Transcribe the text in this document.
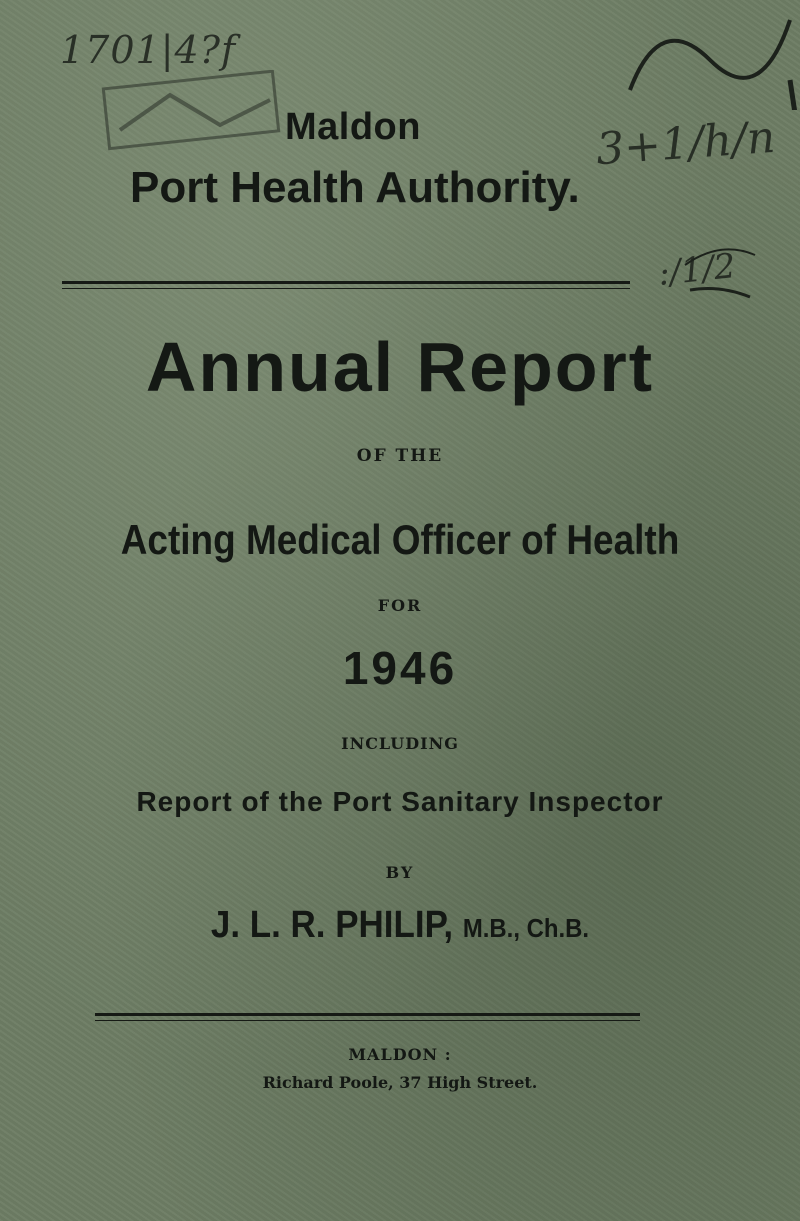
1701|4?f
3+1/h/n
:/1/2
Maldon
Port Health Authority.
Annual Report
OF THE
Acting Medical Officer of Health
FOR
1946
INCLUDING
Report of the Port Sanitary Inspector
BY
J. L. R. PHILIP, M.B., Ch.B.
MALDON :
Richard Poole, 37 High Street.
